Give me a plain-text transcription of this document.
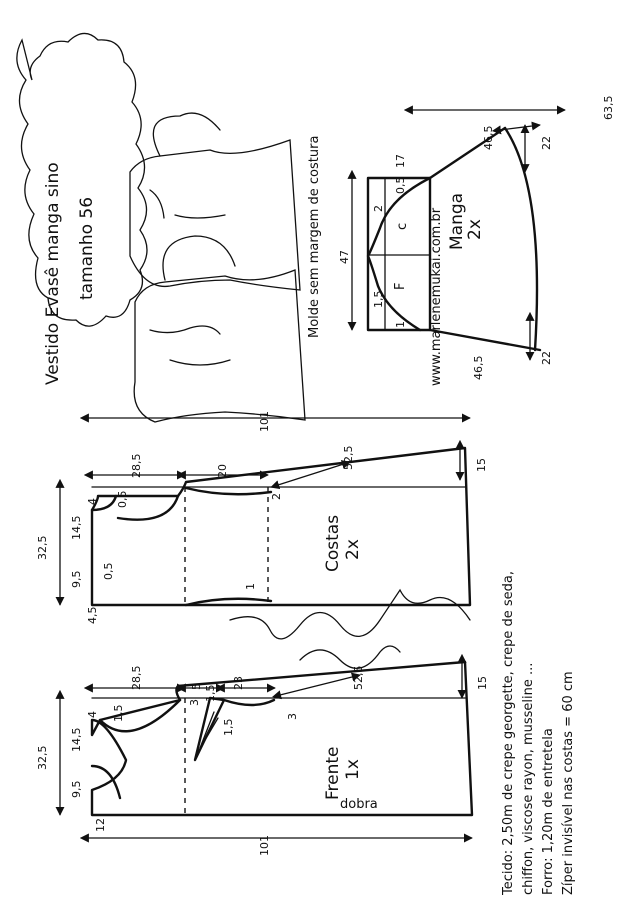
Vestido Evasê manga sino tamanho 56	Molde sem margem de costura	www.marlenemukai.com.br Manga
2x
c
F
63,5
46,5
46,5
22
22
17
47
0,5
2
1,5
1
Costas 2x
101
28,5	20
52,5	15
32,5
14,5
9,5
4 0,5
0,5
4,5
2
1
Frente 1x
dobra
101
28,5	5	23	52,5	15
32,5
14,5
9,5
4 1,5
12
3
1,5
1,5
3	Tecido: 2,50m de crepe georgette, crepe de seda, chiffon, viscose rayon, musseline ... Forro: 1,20m de entretela Zíper invisível nas costas = 60 cm
